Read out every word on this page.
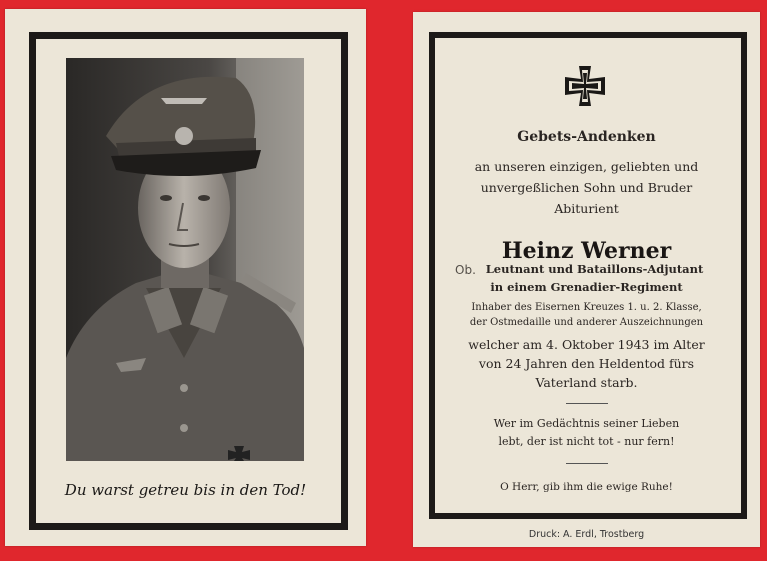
Du warst getreu bis in den Tod!
Gebets-Andenken
an unseren einzigen, geliebten und
unvergeßlichen Sohn und Bruder
Abiturient
Heinz Werner
Ob. Leutnant und Bataillons-Adjutant
in einem Grenadier-Regiment
Inhaber des Eisernen Kreuzes 1. u. 2. Klasse,
der Ostmedaille und anderer Auszeichnungen
welcher am 4. Oktober 1943 im Alter
von 24 Jahren den Heldentod fürs
Vaterland starb.
Wer im Gedächtnis seiner Lieben
lebt, der ist nicht tot - nur fern!
O Herr, gib ihm die ewige Ruhe!
Druck: A. Erdl, Trostberg
